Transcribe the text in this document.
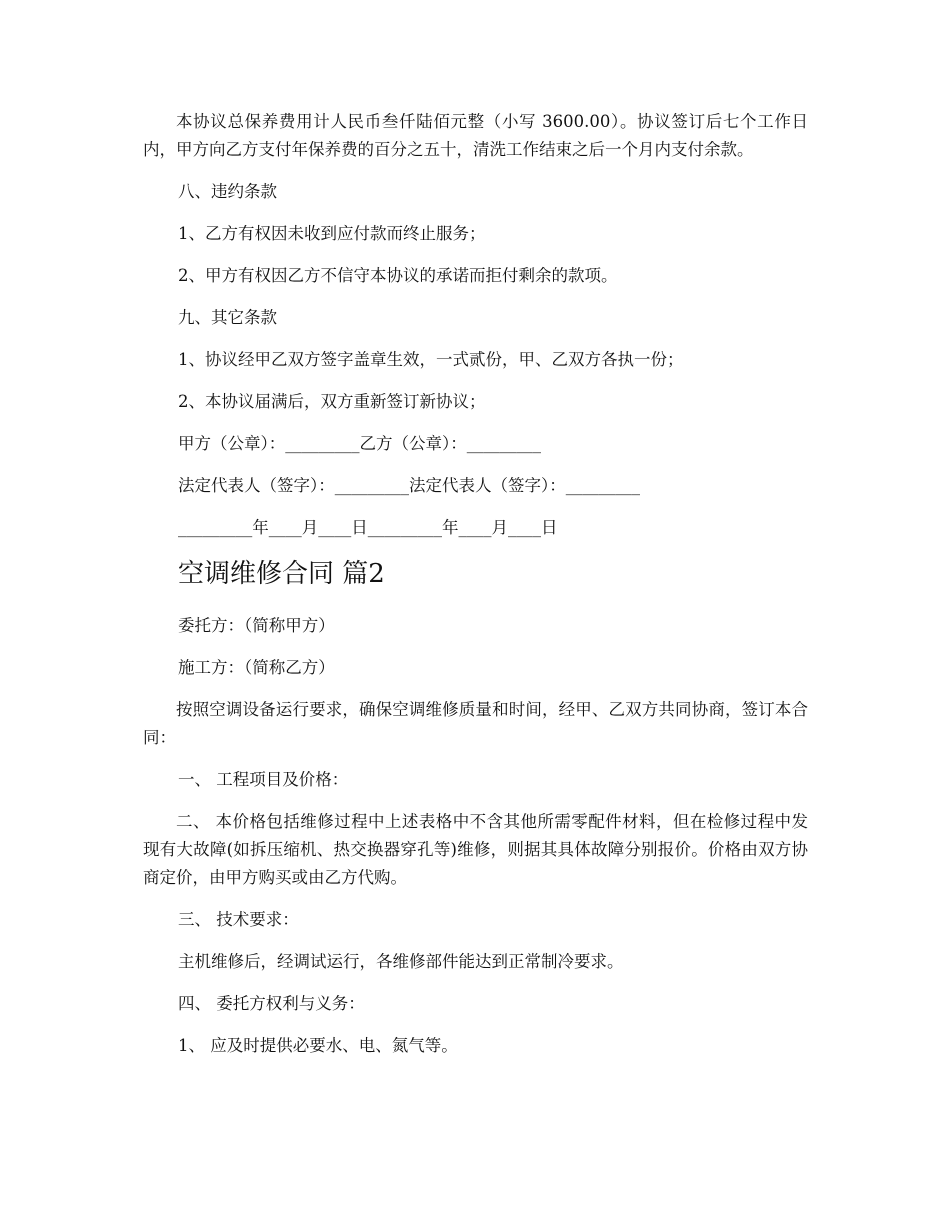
本协议总保养费用计人民币叁仟陆佰元整（小写 3600.00）。协议签订后七个工作日内，甲方向乙方支付年保养费的百分之五十，清洗工作结束之后一个月内支付余款。

八、违约条款

1、乙方有权因未收到应付款而终止服务；

2、甲方有权因乙方不信守本协议的承诺而拒付剩余的款项。

九、其它条款

1、协议经甲乙双方签字盖章生效，一式贰份，甲、乙双方各执一份；

2、本协议届满后，双方重新签订新协议；

甲方（公章）：_________乙方（公章）：_________

法定代表人（签字）：_________法定代表人（签字）：_________

_________年____月____日_________年____月____日

空调维修合同 篇2

委托方：（简称甲方）

施工方：（简称乙方）

按照空调设备运行要求，确保空调维修质量和时间，经甲、乙双方共同协商，签订本合同：

一、 工程项目及价格：

二、 本价格包括维修过程中上述表格中不含其他所需零配件材料，但在检修过程中发现有大故障(如拆压缩机、热交换器穿孔等)维修，则据其具体故障分别报价。价格由双方协商定价，由甲方购买或由乙方代购。

三、 技术要求：

主机维修后，经调试运行，各维修部件能达到正常制冷要求。

四、 委托方权利与义务：

1、 应及时提供必要水、电、氮气等。
